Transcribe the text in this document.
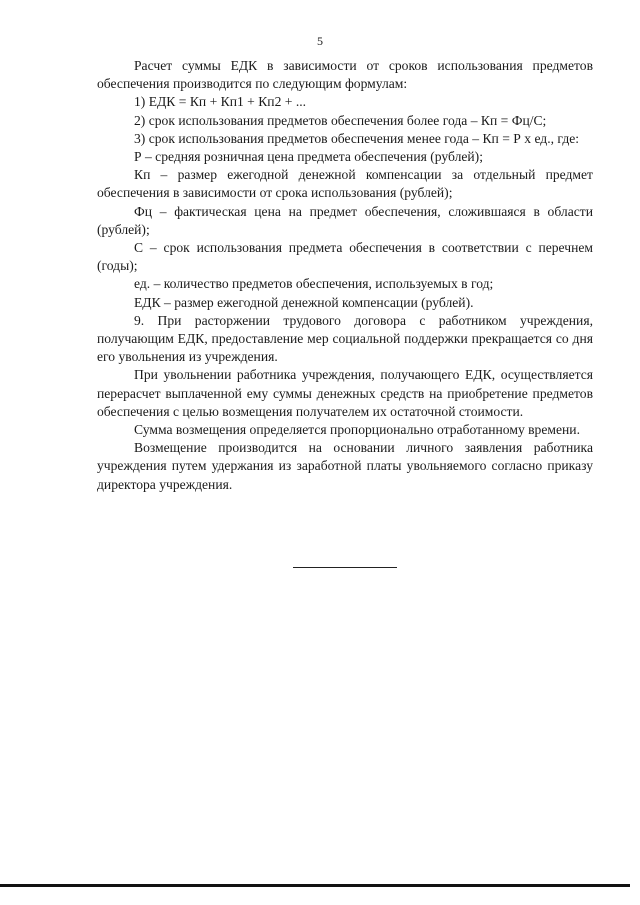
5

Расчет суммы ЕДК в зависимости от сроков использования предметов обеспечения производится по следующим формулам:

1) ЕДК = Кп + Кп1 + Кп2 + ...

2) срок использования предметов обеспечения более года – Кп = Фц/С;

3) срок использования предметов обеспечения менее года – Кп = Р х ед., где:

Р – средняя розничная цена предмета обеспечения (рублей);

Кп – размер ежегодной денежной компенсации за отдельный предмет обеспечения в зависимости от срока использования (рублей);

Фц – фактическая цена на предмет обеспечения, сложившаяся в области (рублей);

С – срок использования предмета обеспечения в соответствии с перечнем (годы);

ед. – количество предметов обеспечения, используемых в год;

ЕДК – размер ежегодной денежной компенсации (рублей).

9. При расторжении трудового договора с работником учреждения, получающим ЕДК, предоставление мер социальной поддержки прекращается со дня его увольнения из учреждения.

При увольнении работника учреждения, получающего ЕДК, осуществляется перерасчет выплаченной ему суммы денежных средств на приобретение предметов обеспечения с целью возмещения получателем их остаточной стоимости.

Сумма возмещения определяется пропорционально отработанному времени.

Возмещение производится на основании личного заявления работника учреждения путем удержания из заработной платы увольняемого согласно приказу директора учреждения.
